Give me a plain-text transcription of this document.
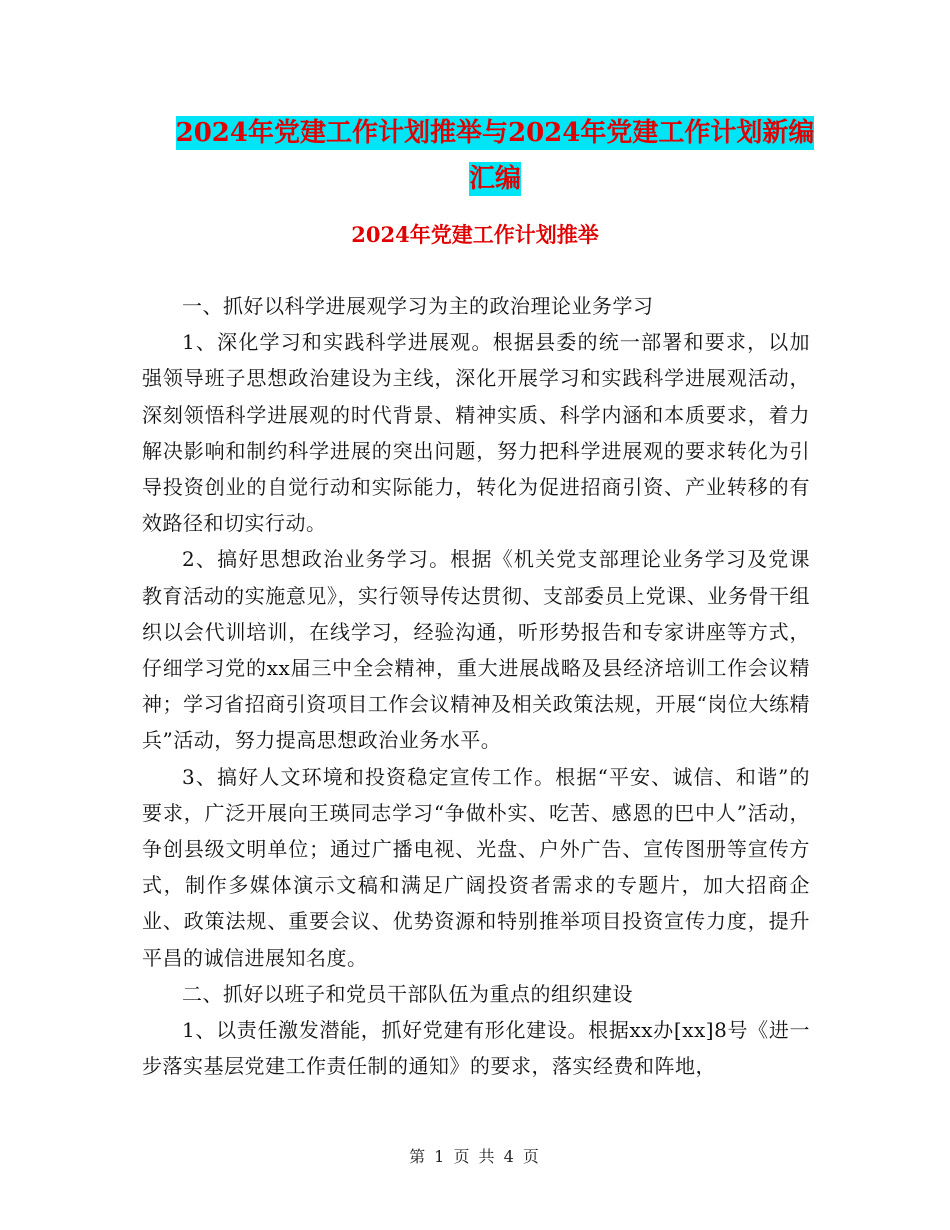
2024年党建工作计划推举与2024年党建工作计划新编
汇编
2024年党建工作计划推举

一、抓好以科学进展观学习为主的政治理论业务学习

1、深化学习和实践科学进展观。根据县委的统一部署和要求，以加强领导班子思想政治建设为主线，深化开展学习和实践科学进展观活动，深刻领悟科学进展观的时代背景、精神实质、科学内涵和本质要求，着力解决影响和制约科学进展的突出问题，努力把科学进展观的要求转化为引导投资创业的自觉行动和实际能力，转化为促进招商引资、产业转移的有效路径和切实行动。

2、搞好思想政治业务学习。根据《机关党支部理论业务学习及党课教育活动的实施意见》，实行领导传达贯彻、支部委员上党课、业务骨干组织以会代训培训，在线学习，经验沟通，听形势报告和专家讲座等方式，仔细学习党的xx届三中全会精神，重大进展战略及县经济培训工作会议精神；学习省招商引资项目工作会议精神及相关政策法规，开展“岗位大练精兵”活动，努力提高思想政治业务水平。

3、搞好人文环境和投资稳定宣传工作。根据“平安、诚信、和谐”的要求，广泛开展向王瑛同志学习“争做朴实、吃苦、感恩的巴中人”活动，争创县级文明单位；通过广播电视、光盘、户外广告、宣传图册等宣传方式，制作多媒体演示文稿和满足广阔投资者需求的专题片，加大招商企业、政策法规、重要会议、优势资源和特别推举项目投资宣传力度，提升平昌的诚信进展知名度。

二、抓好以班子和党员干部队伍为重点的组织建设

1、以责任激发潜能，抓好党建有形化建设。根据xx办[xx]8号《进一步落实基层党建工作责任制的通知》的要求，落实经费和阵地，

第 1 页 共 4 页
